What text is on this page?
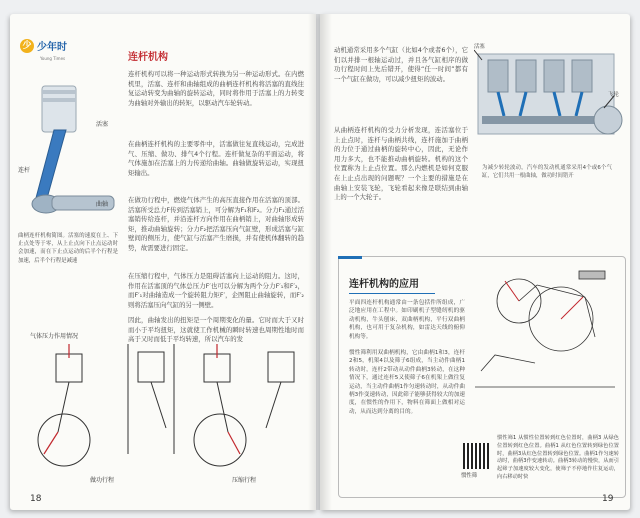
少 少年时
Young Times
活塞
连杆
曲轴
曲柄连杆机构简图。活塞的速度在上、下止点处等于零，从上止点向下止点运动时会加速，而在下止点运动的后半个行程是加速，后半个行程是减速
连杆机构
连杆机构可以将一种运动形式转换为另一种运动形式。在内燃机里，活塞、连杆和曲轴组成的曲柄连杆机构将活塞的直线往复运动转变为曲轴的旋转运动，同时将作用于活塞上的力转变为曲轴对外输出的转矩，以驱动汽车轮转动。
在曲柄连杆机构的主要零件中，活塞做往复直线运动，完成进气、压缩、做功、排气4个行程。连杆做复杂的平面运动，将气体施加在活塞上的力传递给曲轴。曲轴做旋转运动，实现扭矩输出。
在做功行程中，燃烧气体产生的高压直接作用在活塞的顶部。活塞所受总力F传到活塞销上，可分解为F₁和F₂。分力F₁通过活塞销传给连杆，并沿连杆方向作用在曲柄销上，对曲轴形成转矩，推动曲轴旋转；分力F₂把活塞压向气缸壁，形成活塞与缸壁间的侧压力，使气缸与活塞产生磨损，并有使机体翻转的趋势，故需要进行固定。
在压缩行程中，气体压力是阻碍活塞向上运动的阻力。这时，作用在活塞顶的气体总压力F′也可以分解为两个分力F′₁和F′₂，而F′₁对曲轴造成一个旋转阻力矩F′，企图阻止曲轴旋转，而F′₂则将活塞压向气缸的另一侧壁。
因此，曲轴发出的扭矩是一个周期变化的量。它时而大于又时而小于平均扭矩，这就使工作机械的瞬时转速也周期性地时而高于又时而低于平均转速，所以汽车的发
气体压力作用情况
做功行程	压缩行程
18
动机通常采用多个气缸（比如4个或者6个），它们以并排一根轴运动过，并且各气缸相序的做功行程时间上先后错开，使得“任一时间”都有一个气缸在做功，可以减少扭矩的波动。
从曲柄连杆机构的受力分析发现，连活塞位于上止点时，连杆与曲柄共线，连杆施加于曲柄的力位于通过曲柄的旋转中心，因此，无论作用力多大，也不能推动曲柄旋转。机构的这个位置称为上止点位置。那么内燃机是如何克服在上止点出现的问题呢？一个主要的措施是在曲轴上安装飞轮，飞轮看起来像是联结到曲轴上的一个大轮子。
活塞
飞轮
为减少转轮波动，汽车的发动机通常采用4个或6个气缸，它们共用一根曲轴，做功时间错开
连杆机构的应用
平面四连杆机构通常由一条包括件所组成，广泛地应用在工程中。如印刷机子型缝纫机的驱动机构，牛头刨床，双曲柄机构，平行双曲柄机构，也可用于复杂机构，如雷达天线的俯仰机构等。
惯性筛利用双曲柄机构，它由曲柄1和3，连杆2和5，机架4以及筛子6组成，当主动件曲柄1转动时，连杆2带动从动件曲柄3转动，在这种情况下，通过连杆5又使筛子6在机架上做往复运动，当主动件曲柄1作匀速转动时，从动件曲柄3作变速转动，因此筛子能够获得较大的加速度，在惯性的作用下，物料在筛面上做相对运动，从而达到分离的目的。
惯性筛
惯性筛1 从惯性位置转到红色位置时，曲柄3 从绿色位置转到红色位置。曲柄1 从红色位置转到绿色位置时，曲柄3从红色位置转到绿色位置。曲柄1作匀速转动时，曲柄3作变速转动。曲柄3转动的慢快，从而引起筛子加速度较大变化，使筛子不停地作往复运动，向右移动时快
19
